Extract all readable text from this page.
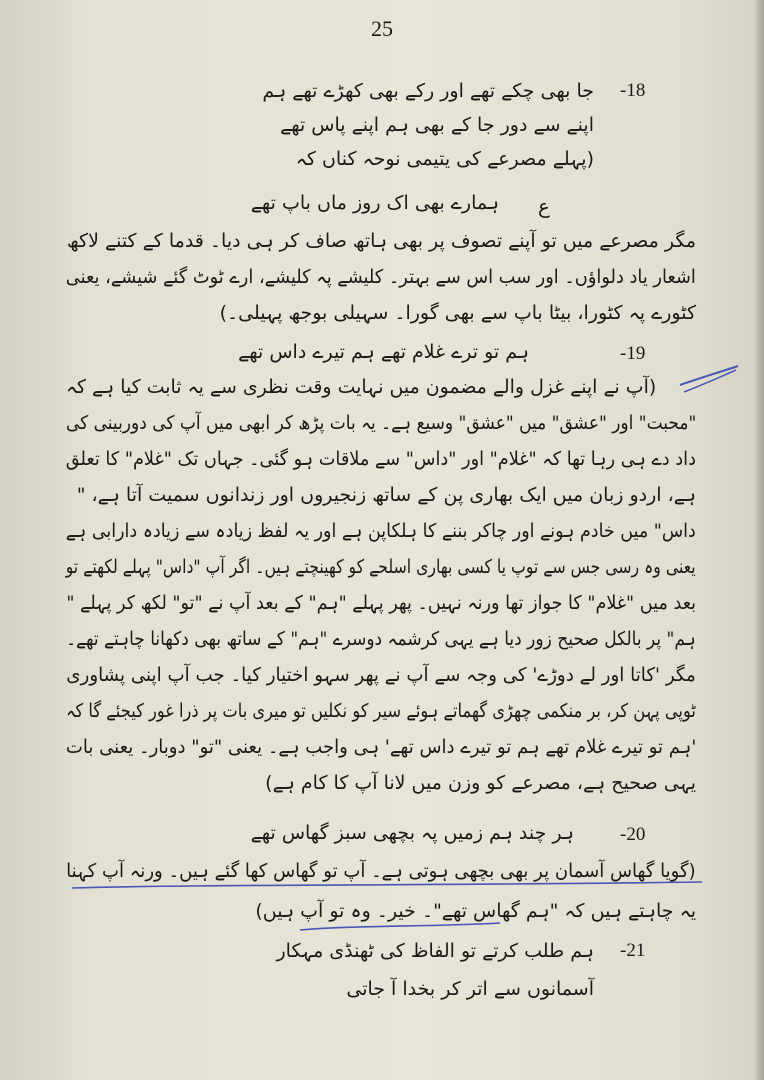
25
-18
جا بھی چکے تھے اور رکے بھی کھڑے تھے ہم
اپنے سے دور جا کے بھی ہم اپنے پاس تھے
(پہلے مصرعے کی یتیمی نوحہ کناں کہ
ع
ہمارے بھی اک روز ماں باپ تھے
مگر مصرعے میں تو آپنے تصوف پر بھی ہاتھ صاف کر ہی دیا۔ قدما کے کتنے لاکھ
اشعار یاد دلواؤں۔ اور سب اس سے بہتر۔ کلیشے پہ کلیشے، ارے ٹوٹ گئے شیشے، یعنی
کٹورے پہ کٹورا، بیٹا باپ سے بھی گورا۔ سہیلی بوجھ پہیلی۔)
-19
ہم تو ترے غلام تھے ہم تیرے داس تھے
(آپ نے اپنے غزل والے مضمون میں نہایت وقت نظری سے یہ ثابت کیا ہے کہ
"محبت" اور "عشق" میں "عشق" وسیع ہے۔ یہ بات پڑھ کر ابھی میں آپ کی دوربینی کی
داد دے ہی رہا تھا کہ "غلام" اور "داس" سے ملاقات ہو گئی۔ جہاں تک "غلام" کا تعلق
ہے، اردو زبان میں ایک بھاری پن کے ساتھ زنجیروں اور زندانوں سمیت آتا ہے، "
داس" میں خادم ہونے اور چاکر بننے کا ہلکاپن ہے اور یہ لفظ زیادہ سے زیادہ دارابی ہے
یعنی وہ رسی جس سے توپ یا کسی بھاری اسلحے کو کھینچتے ہیں۔ اگر آپ "داس" پہلے لکھتے تو
بعد میں "غلام" کا جواز تھا ورنہ نہیں۔ پھر پہلے "ہم" کے بعد آپ نے "تو" لکھ کر پہلے "
ہم" پر بالکل صحیح زور دیا ہے یہی کرشمہ دوسرے "ہم" کے ساتھ بھی دکھانا چاہتے تھے۔
مگر 'کاتا اور لے دوڑے' کی وجہ سے آپ نے پھر سہو اختیار کیا۔ جب آپ اپنی پشاوری
ٹوپی پہن کر، بر منکمی چھڑی گھماتے ہوئے سیر کو نکلیں تو میری بات پر ذرا غور کیجئے گا کہ
'ہم تو تیرے غلام تھے ہم تو تیرے داس تھے' ہی واجب ہے۔ یعنی "تو" دوبار۔ یعنی بات
یہی صحیح ہے، مصرعے کو وزن میں لانا آپ کا کام ہے)
-20
ہر چند ہم زمیں پہ بچھی سبز گھاس تھے
(گویا گھاس آسمان پر بھی بچھی ہوتی ہے۔ آپ تو گھاس کھا گئے ہیں۔ ورنہ آپ کہنا
یہ چاہتے ہیں کہ "ہم گھاس تھے"۔ خیر۔ وہ تو آپ ہیں)
-21
ہم طلب کرتے تو الفاظ کی ٹھنڈی مہکار
آسمانوں سے اتر کر بخدا آ جاتی
